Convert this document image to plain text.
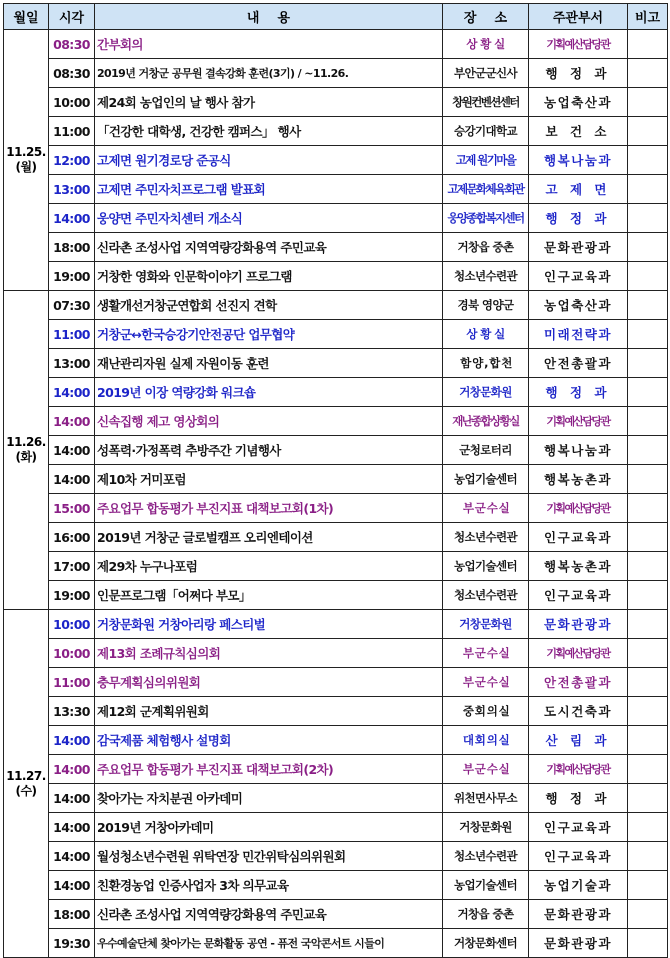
월일	시각	내    용	장    소	주관부서	비고
11.25.
(월)	08:30	간부회의	상 황 실	기획예산담당관	
	08:30	2019년 거창군 공무원 결속강화 훈련(3기) / ~11.26.	부안군군신사	행 정 과	
	10:00	제24회 농업인의 날 행사 참가	창원컨벤션센터	농업축산과	
	11:00	「건강한 대학생, 건강한 캠퍼스」 행사	승강기대학교	보 건 소	
	12:00	고제면 원기경로당 준공식	고제 원기마을	행복나눔과	
	13:00	고제면 주민자치프로그램 발표회	고제문화체육회관	고 제 면	
	14:00	웅양면 주민자치센터 개소식	웅양종합복지센터	행 정 과	
	18:00	신라촌 조성사업 지역역량강화용역 주민교육	거창읍 중촌	문화관광과	
	19:00	거창한 영화와 인문학이야기 프로그램	청소년수련관	인구교육과	
11.26.
(화)	07:30	생활개선거창군연합회 선진지 견학	경북 영양군	농업축산과	
	11:00	거창군↔한국승강기안전공단 업무협약	상 황 실	미래전략과	
	13:00	재난관리자원 실제 자원이동 훈련	함 양 , 합 천	안전총괄과	
	14:00	2019년 이장 역량강화 워크숍	거창문화원	행 정 과	
	14:00	신속집행 제고 영상회의	재난종합상황실	기획예산담당관	
	14:00	성폭력·가정폭력 추방주간 기념행사	군청로터리	행복나눔과	
	14:00	제10차 거미포럼	농업기술센터	행복농촌과	
	15:00	주요업무 합동평가 부진지표 대책보고회(1차)	부 군 수 실	기획예산담당관	
	16:00	2019년 거창군 글로벌캠프 오리엔테이션	청소년수련관	인구교육과	
	17:00	제29차 누구나포럼	농업기술센터	행복농촌과	
	19:00	인문프로그램「어쩌다 부모」	청소년수련관	인구교육과	
11.27.
(수)	10:00	거창문화원 거창아리랑 페스티벌	거창문화원	문화관광과	
	10:00	제13회 조례규칙심의회	부 군 수 실	기획예산담당관	
	11:00	충무계획심의위원회	부 군 수 실	안전총괄과	
	13:30	제12회 군계획위원회	중 회 의 실	도시건축과	
	14:00	감국제품 체험행사 설명회	대 회 의 실	산 림 과	
	14:00	주요업무 합동평가 부진지표 대책보고회(2차)	부 군 수 실	기획예산담당관	
	14:00	찾아가는 자치분권 아카데미	위천면사무소	행 정 과	
	14:00	2019년 거창아카데미	거창문화원	인구교육과	
	14:00	월성청소년수련원 위탁연장 민간위탁심의위원회	청소년수련관	인구교육과	
	14:00	친환경농업 인증사업자 3차 의무교육	농업기술센터	농업기술과	
	18:00	신라촌 조성사업 지역역량강화용역 주민교육	거창읍 중촌	문화관광과	
	19:30	우수예술단체 찾아가는 문화활동 공연 - 퓨전 국악콘서트 시들이	거창문화센터	문화관광과	
